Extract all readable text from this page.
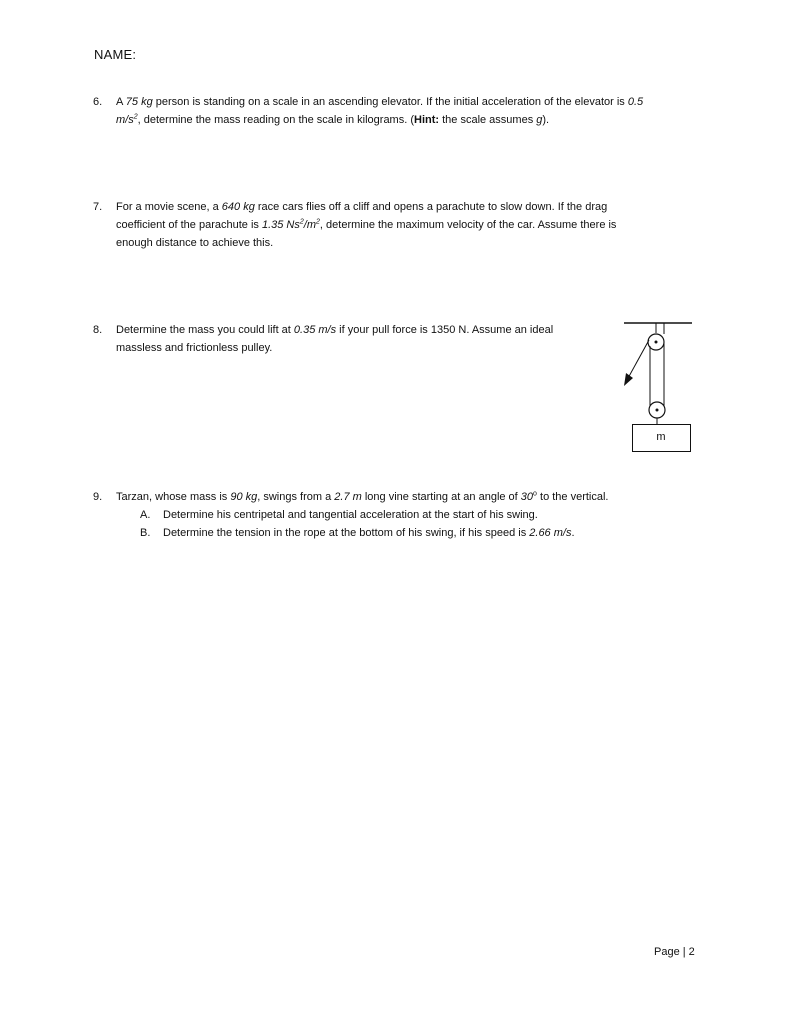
NAME:
6.	A 75 kg person is standing on a scale in an ascending elevator. If the initial acceleration of the elevator is 0.5
$m/s^2$, determine the mass reading on the scale in kilograms. (Hint: the scale assumes g).
7.	For a movie scene, a 640 kg race cars flies off a cliff and opens a parachute to slow down. If the drag
coefficient of the parachute is 1.35 $Ns^2/m^2$, determine the maximum velocity of the car. Assume there is
enough distance to achieve this.
8.	Determine the mass you could lift at 0.35 m/s if your pull force is 1350 N. Assume an ideal
massless and frictionless pulley.
m
9.	Tarzan, whose mass is 90 kg, swings from a 2.7 m long vine starting at an angle of 30$^o$ to the vertical.
A. Determine his centripetal and tangential acceleration at the start of his swing.
B. Determine the tension in the rope at the bottom of his swing, if his speed is 2.66 m/s.
Page | 2
